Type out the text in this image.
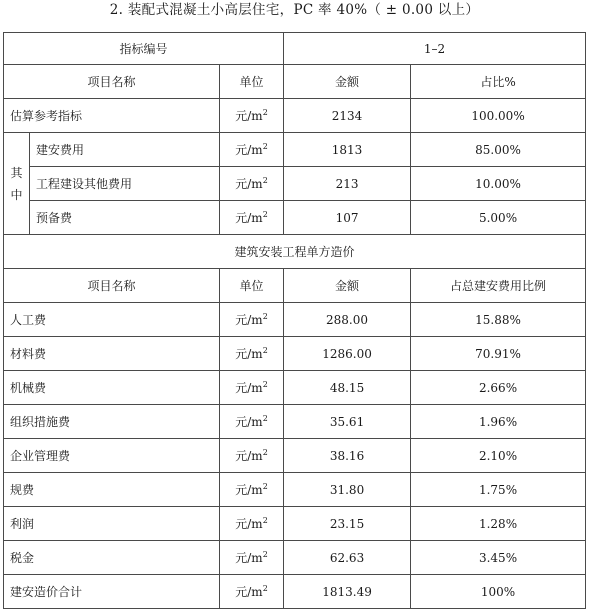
2. 装配式混凝土小高层住宅，PC 率 40%（ ± 0.00 以上）
指标编号			1–2	
项目名称		单位	金额	占比%
估算参考指标		元$/m^2$	2134	100.00%
其
中	建安费用	元$/m^2$	1813	85.00%
	工程建设其他费用	元$/m^2$	213	10.00%
	预备费	元$/m^2$	107	5.00%
建筑安装工程单方造价				
项目名称		单位	金额	占总建安费用比例
人工费		元$/m^2$	288.00	15.88%
材料费		元$/m^2$	1286.00	70.91%
机械费		元$/m^2$	48.15	2.66%
组织措施费		元$/m^2$	35.61	1.96%
企业管理费		元$/m^2$	38.16	2.10%
规费		元$/m^2$	31.80	1.75%
利润		元$/m^2$	23.15	1.28%
税金		元$/m^2$	62.63	3.45%
建安造价合计		元$/m^2$	1813.49	100%
